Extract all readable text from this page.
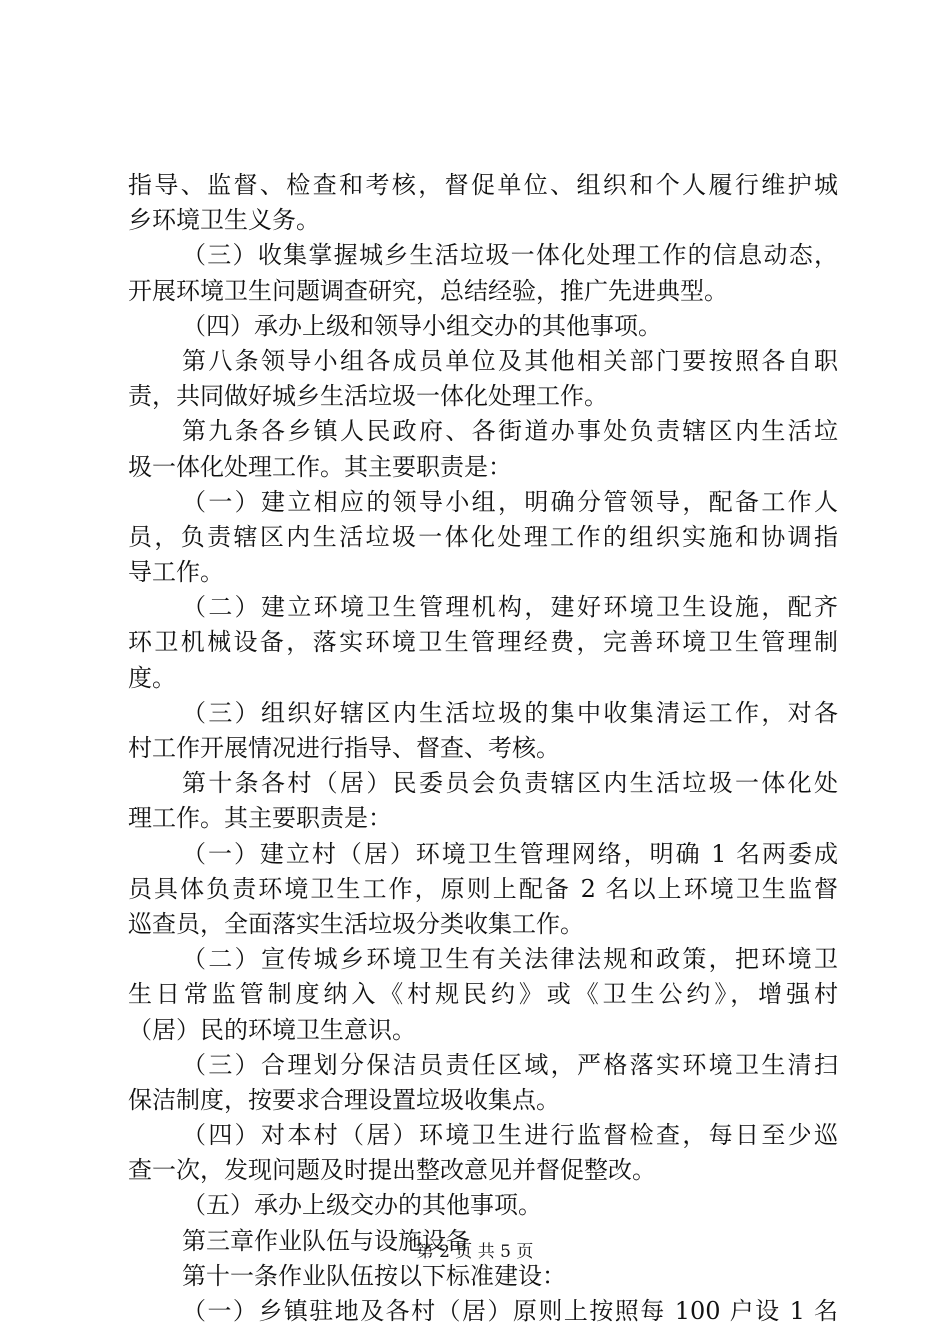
指导、监督、检查和考核，督促单位、组织和个人履行维护城
乡环境卫生义务。
（三）收集掌握城乡生活垃圾一体化处理工作的信息动态，
开展环境卫生问题调查研究，总结经验，推广先进典型。
（四）承办上级和领导小组交办的其他事项。
第八条领导小组各成员单位及其他相关部门要按照各自职
责，共同做好城乡生活垃圾一体化处理工作。
第九条各乡镇人民政府、各街道办事处负责辖区内生活垃
圾一体化处理工作。其主要职责是：
（一）建立相应的领导小组，明确分管领导，配备工作人
员，负责辖区内生活垃圾一体化处理工作的组织实施和协调指
导工作。
（二）建立环境卫生管理机构，建好环境卫生设施，配齐
环卫机械设备，落实环境卫生管理经费，完善环境卫生管理制
度。
（三）组织好辖区内生活垃圾的集中收集清运工作，对各
村工作开展情况进行指导、督查、考核。
第十条各村（居）民委员会负责辖区内生活垃圾一体化处
理工作。其主要职责是：
（一）建立村（居）环境卫生管理网络，明确 1 名两委成
员具体负责环境卫生工作，原则上配备 2 名以上环境卫生监督
巡查员，全面落实生活垃圾分类收集工作。
（二）宣传城乡环境卫生有关法律法规和政策，把环境卫
生日常监管制度纳入《村规民约》或《卫生公约》，增强村
（居）民的环境卫生意识。
（三）合理划分保洁员责任区域，严格落实环境卫生清扫
保洁制度，按要求合理设置垃圾收集点。
（四）对本村（居）环境卫生进行监督检查，每日至少巡
查一次，发现问题及时提出整改意见并督促整改。
（五）承办上级交办的其他事项。
第三章作业队伍与设施设备
第十一条作业队伍按以下标准建设：
（一）乡镇驻地及各村（居）原则上按照每 100 户设 1 名
第 2 页 共 5 页
